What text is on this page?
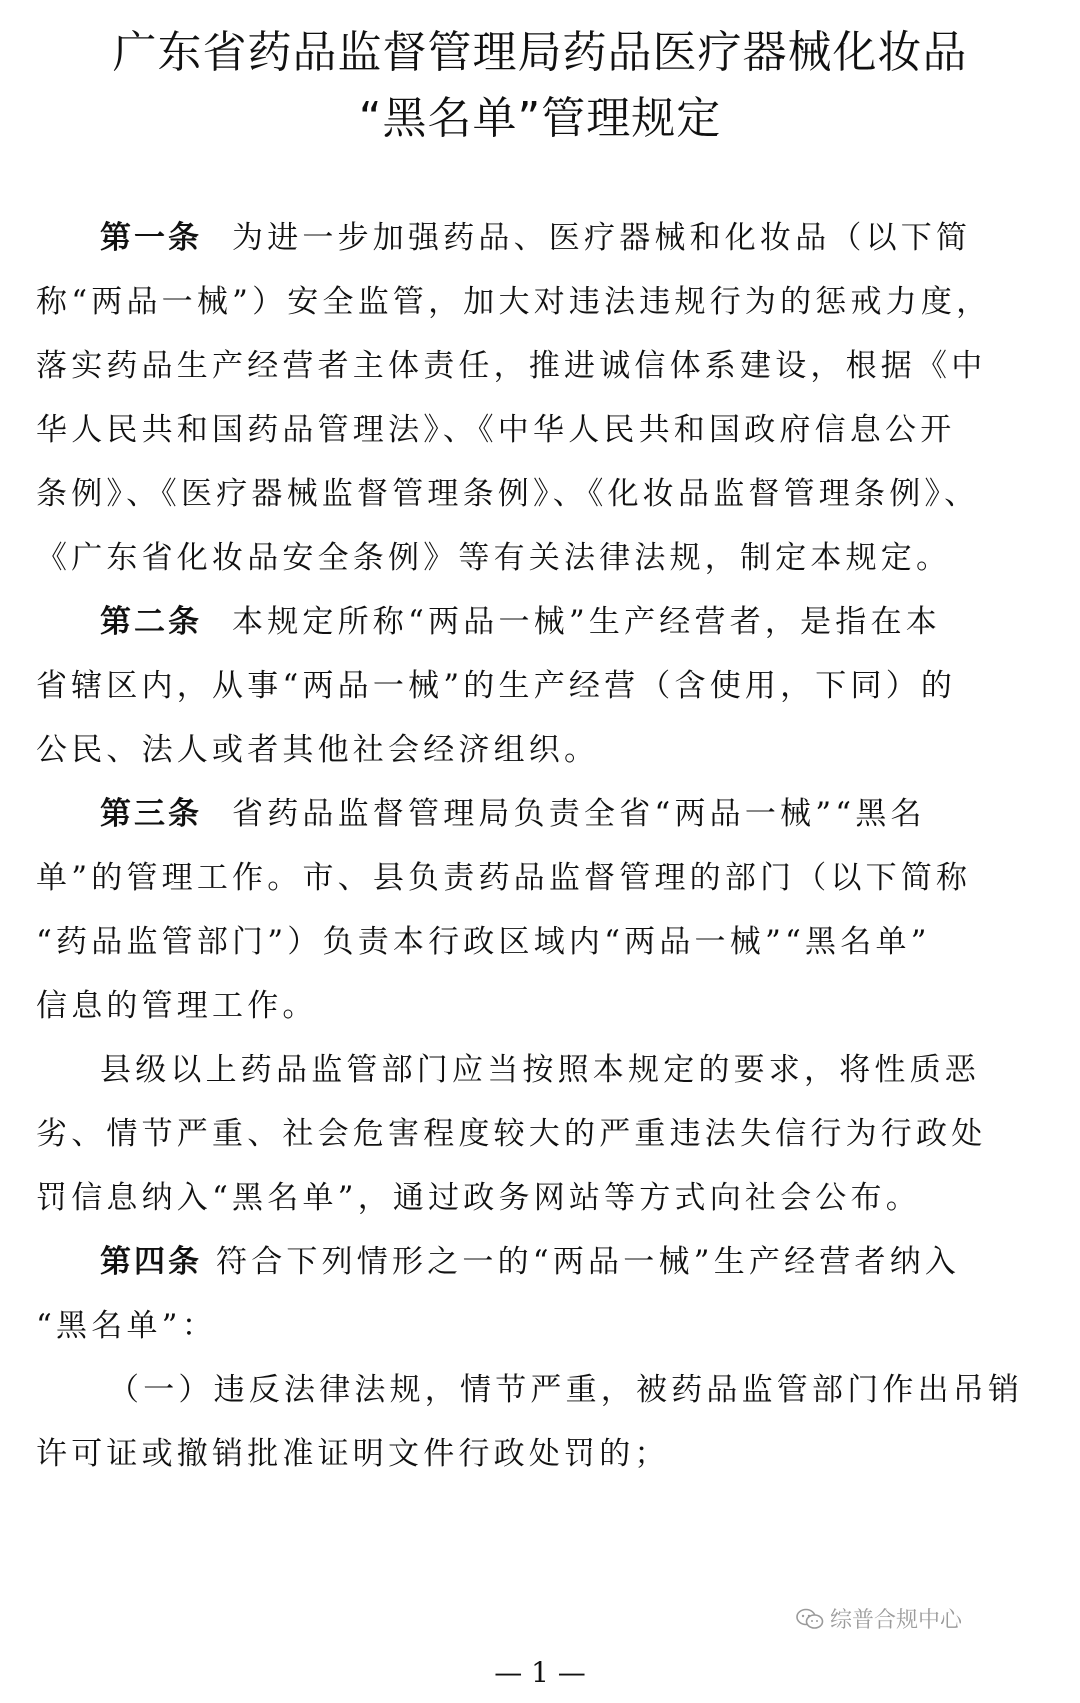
广东省药品监督管理局药品医疗器械化妆品
“黑名单”管理规定
第一条 为进一步加强药品、医疗器械和化妆品（以下简
称“两品一械”）安全监管，加大对违法违规行为的惩戒力度，
落实药品生产经营者主体责任，推进诚信体系建设，根据《中
华人民共和国药品管理法》、《中华人民共和国政府信息公开
条例》、《医疗器械监督管理条例》、《化妆品监督管理条例》、
《广东省化妆品安全条例》等有关法律法规，制定本规定。
第二条 本规定所称“两品一械”生产经营者，是指在本
省辖区内，从事“两品一械”的生产经营（含使用，下同）的
公民、法人或者其他社会经济组织。
第三条 省药品监督管理局负责全省“两品一械”“黑名
单”的管理工作。市、县负责药品监督管理的部门（以下简称
“药品监管部门”）负责本行政区域内“两品一械”“黑名单”
信息的管理工作。
县级以上药品监管部门应当按照本规定的要求，将性质恶
劣、情节严重、社会危害程度较大的严重违法失信行为行政处
罚信息纳入“黑名单”，通过政务网站等方式向社会公布。
第四条 符合下列情形之一的“两品一械”生产经营者纳入
“黑名单”：
（一）违反法律法规，情节严重，被药品监管部门作出吊销
许可证或撤销批准证明文件行政处罚的；
综普合规中心
— 1 —
